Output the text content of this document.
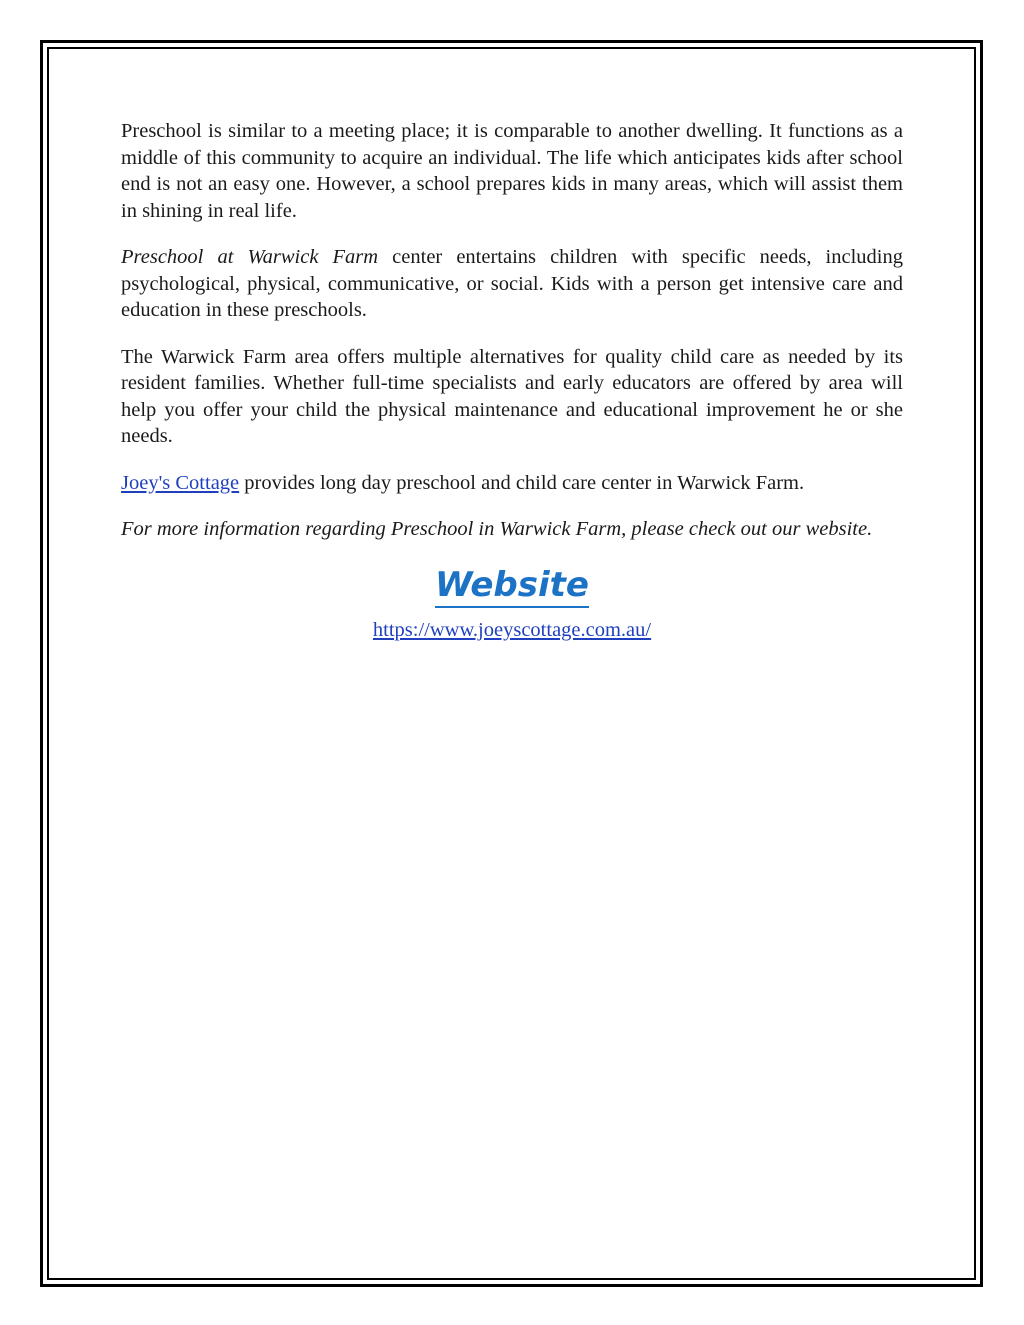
Preschool is similar to a meeting place; it is comparable to another dwelling. It functions as a middle of this community to acquire an individual. The life which anticipates kids after school end is not an easy one. However, a school prepares kids in many areas, which will assist them in shining in real life.

Preschool at Warwick Farm center entertains children with specific needs, including psychological, physical, communicative, or social. Kids with a person get intensive care and education in these preschools.

The Warwick Farm area offers multiple alternatives for quality child care as needed by its resident families. Whether full-time specialists and early educators are offered by area will help you offer your child the physical maintenance and educational improvement he or she needs.

Joey's Cottage provides long day preschool and child care center in Warwick Farm.

For more information regarding Preschool in Warwick Farm, please check out our website.

Website

https://www.joeyscottage.com.au/
